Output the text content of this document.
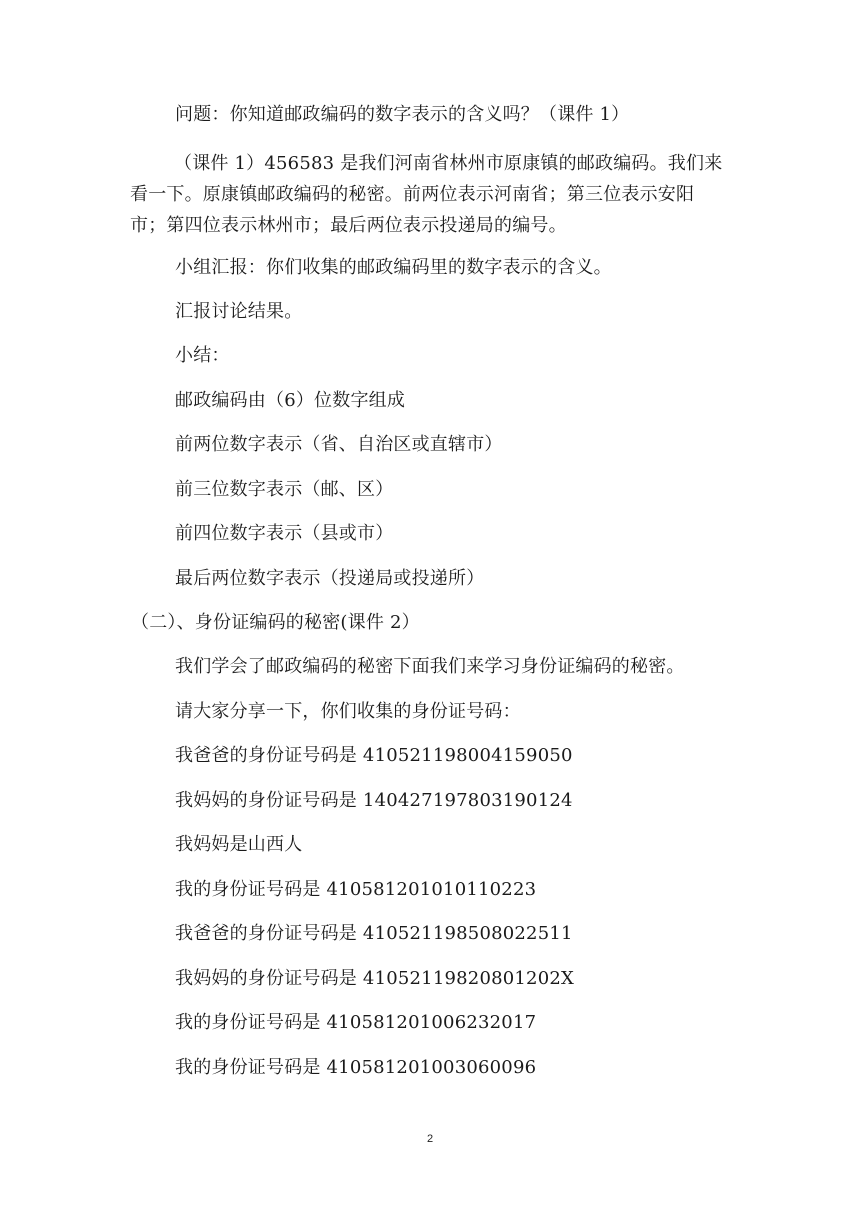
问题：你知道邮政编码的数字表示的含义吗？（课件 1）
（课件 1）456583 是我们河南省林州市原康镇的邮政编码。我们来看一下。原康镇邮政编码的秘密。前两位表示河南省；第三位表示安阳市；第四位表示林州市；最后两位表示投递局的编号。
小组汇报：你们收集的邮政编码里的数字表示的含义。
汇报讨论结果。
小结：
邮政编码由（6）位数字组成
前两位数字表示（省、自治区或直辖市）
前三位数字表示（邮、区）
前四位数字表示（县或市）
最后两位数字表示（投递局或投递所）
（二）、身份证编码的秘密(课件 2）
我们学会了邮政编码的秘密下面我们来学习身份证编码的秘密。
请大家分享一下，你们收集的身份证号码：
我爸爸的身份证号码是 410521198004159050
我妈妈的身份证号码是 140427197803190124
我妈妈是山西人
我的身份证号码是 410581201010110223
我爸爸的身份证号码是 410521198508022511
我妈妈的身份证号码是 41052119820801202X
我的身份证号码是 410581201006232017
我的身份证号码是 410581201003060096
2
